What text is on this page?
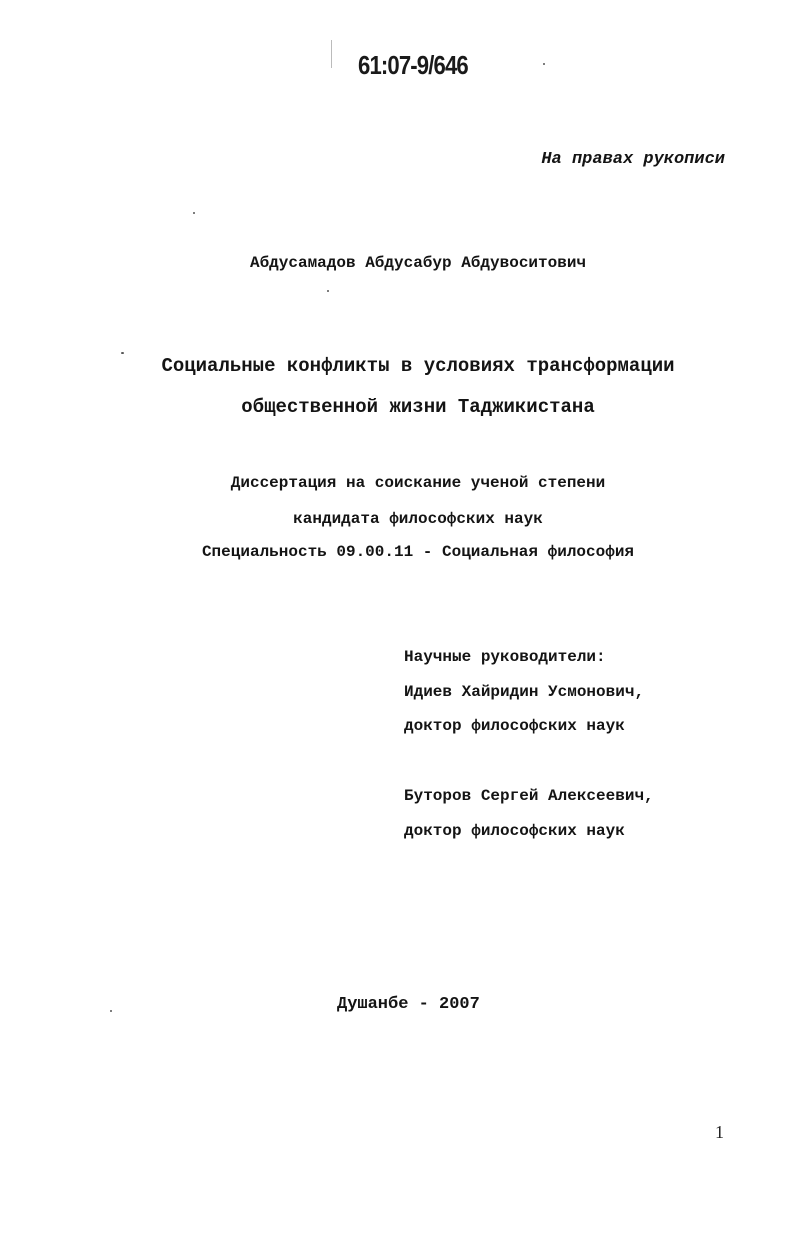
61:07-9/646
На правах рукописи
Абдусамадов Абдусабур Абдувоситович
Социальные конфликты в условиях трансформации
общественной жизни Таджикистана
Диссертация на соискание ученой степени
кандидата философских наук
Специальность 09.00.11 - Социальная философия
Научные руководители:
Идиев Хайридин Усмонович,
доктор философских наук
Буторов Сергей Алексеевич,
доктор философских наук
Душанбе - 2007
1
